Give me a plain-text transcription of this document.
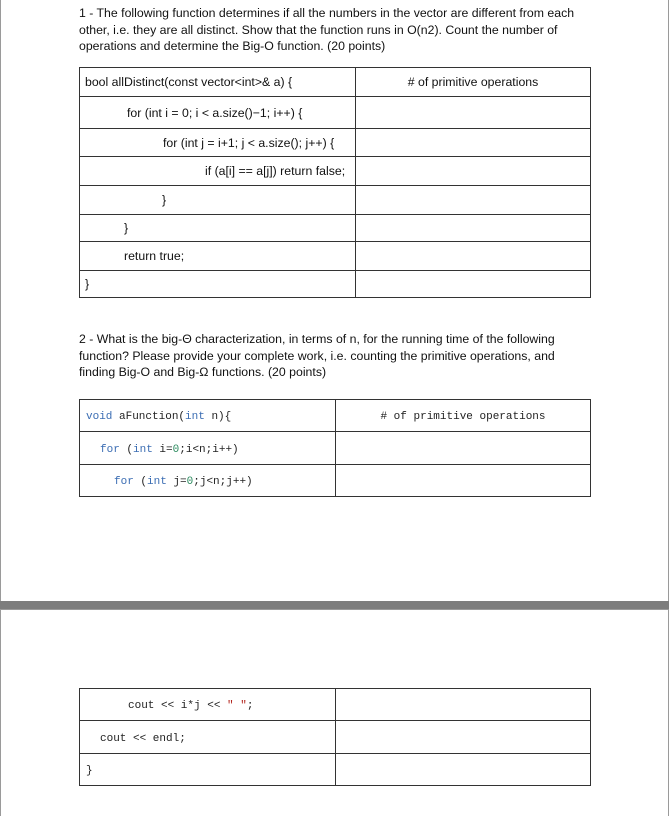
1 - The following function determines if all the numbers in the vector are different from each other, i.e. they are all distinct. Show that the function runs in O(n2). Count the number of operations and determine the Big-O function. (20 points)
bool allDistinct(const vector<int>& a) {	# of primitive operations
for (int i = 0; i < a.size()−1; i++) {	
for (int j = i+1; j < a.size(); j++) {	
if (a[i] == a[j]) return false;	
}	
}	
return true;	
}	
2 - What is the big-Θ characterization, in terms of n, for the running time of the following function? Please provide your complete work, i.e. counting the primitive operations, and finding Big-O and Big-Ω functions. (20 points)
void aFunction(int n){	# of primitive operations
for (int i=0;i<n;i++)	
for (int j=0;j<n;j++)	
cout << i*j << " ";	
cout << endl;	
}	
